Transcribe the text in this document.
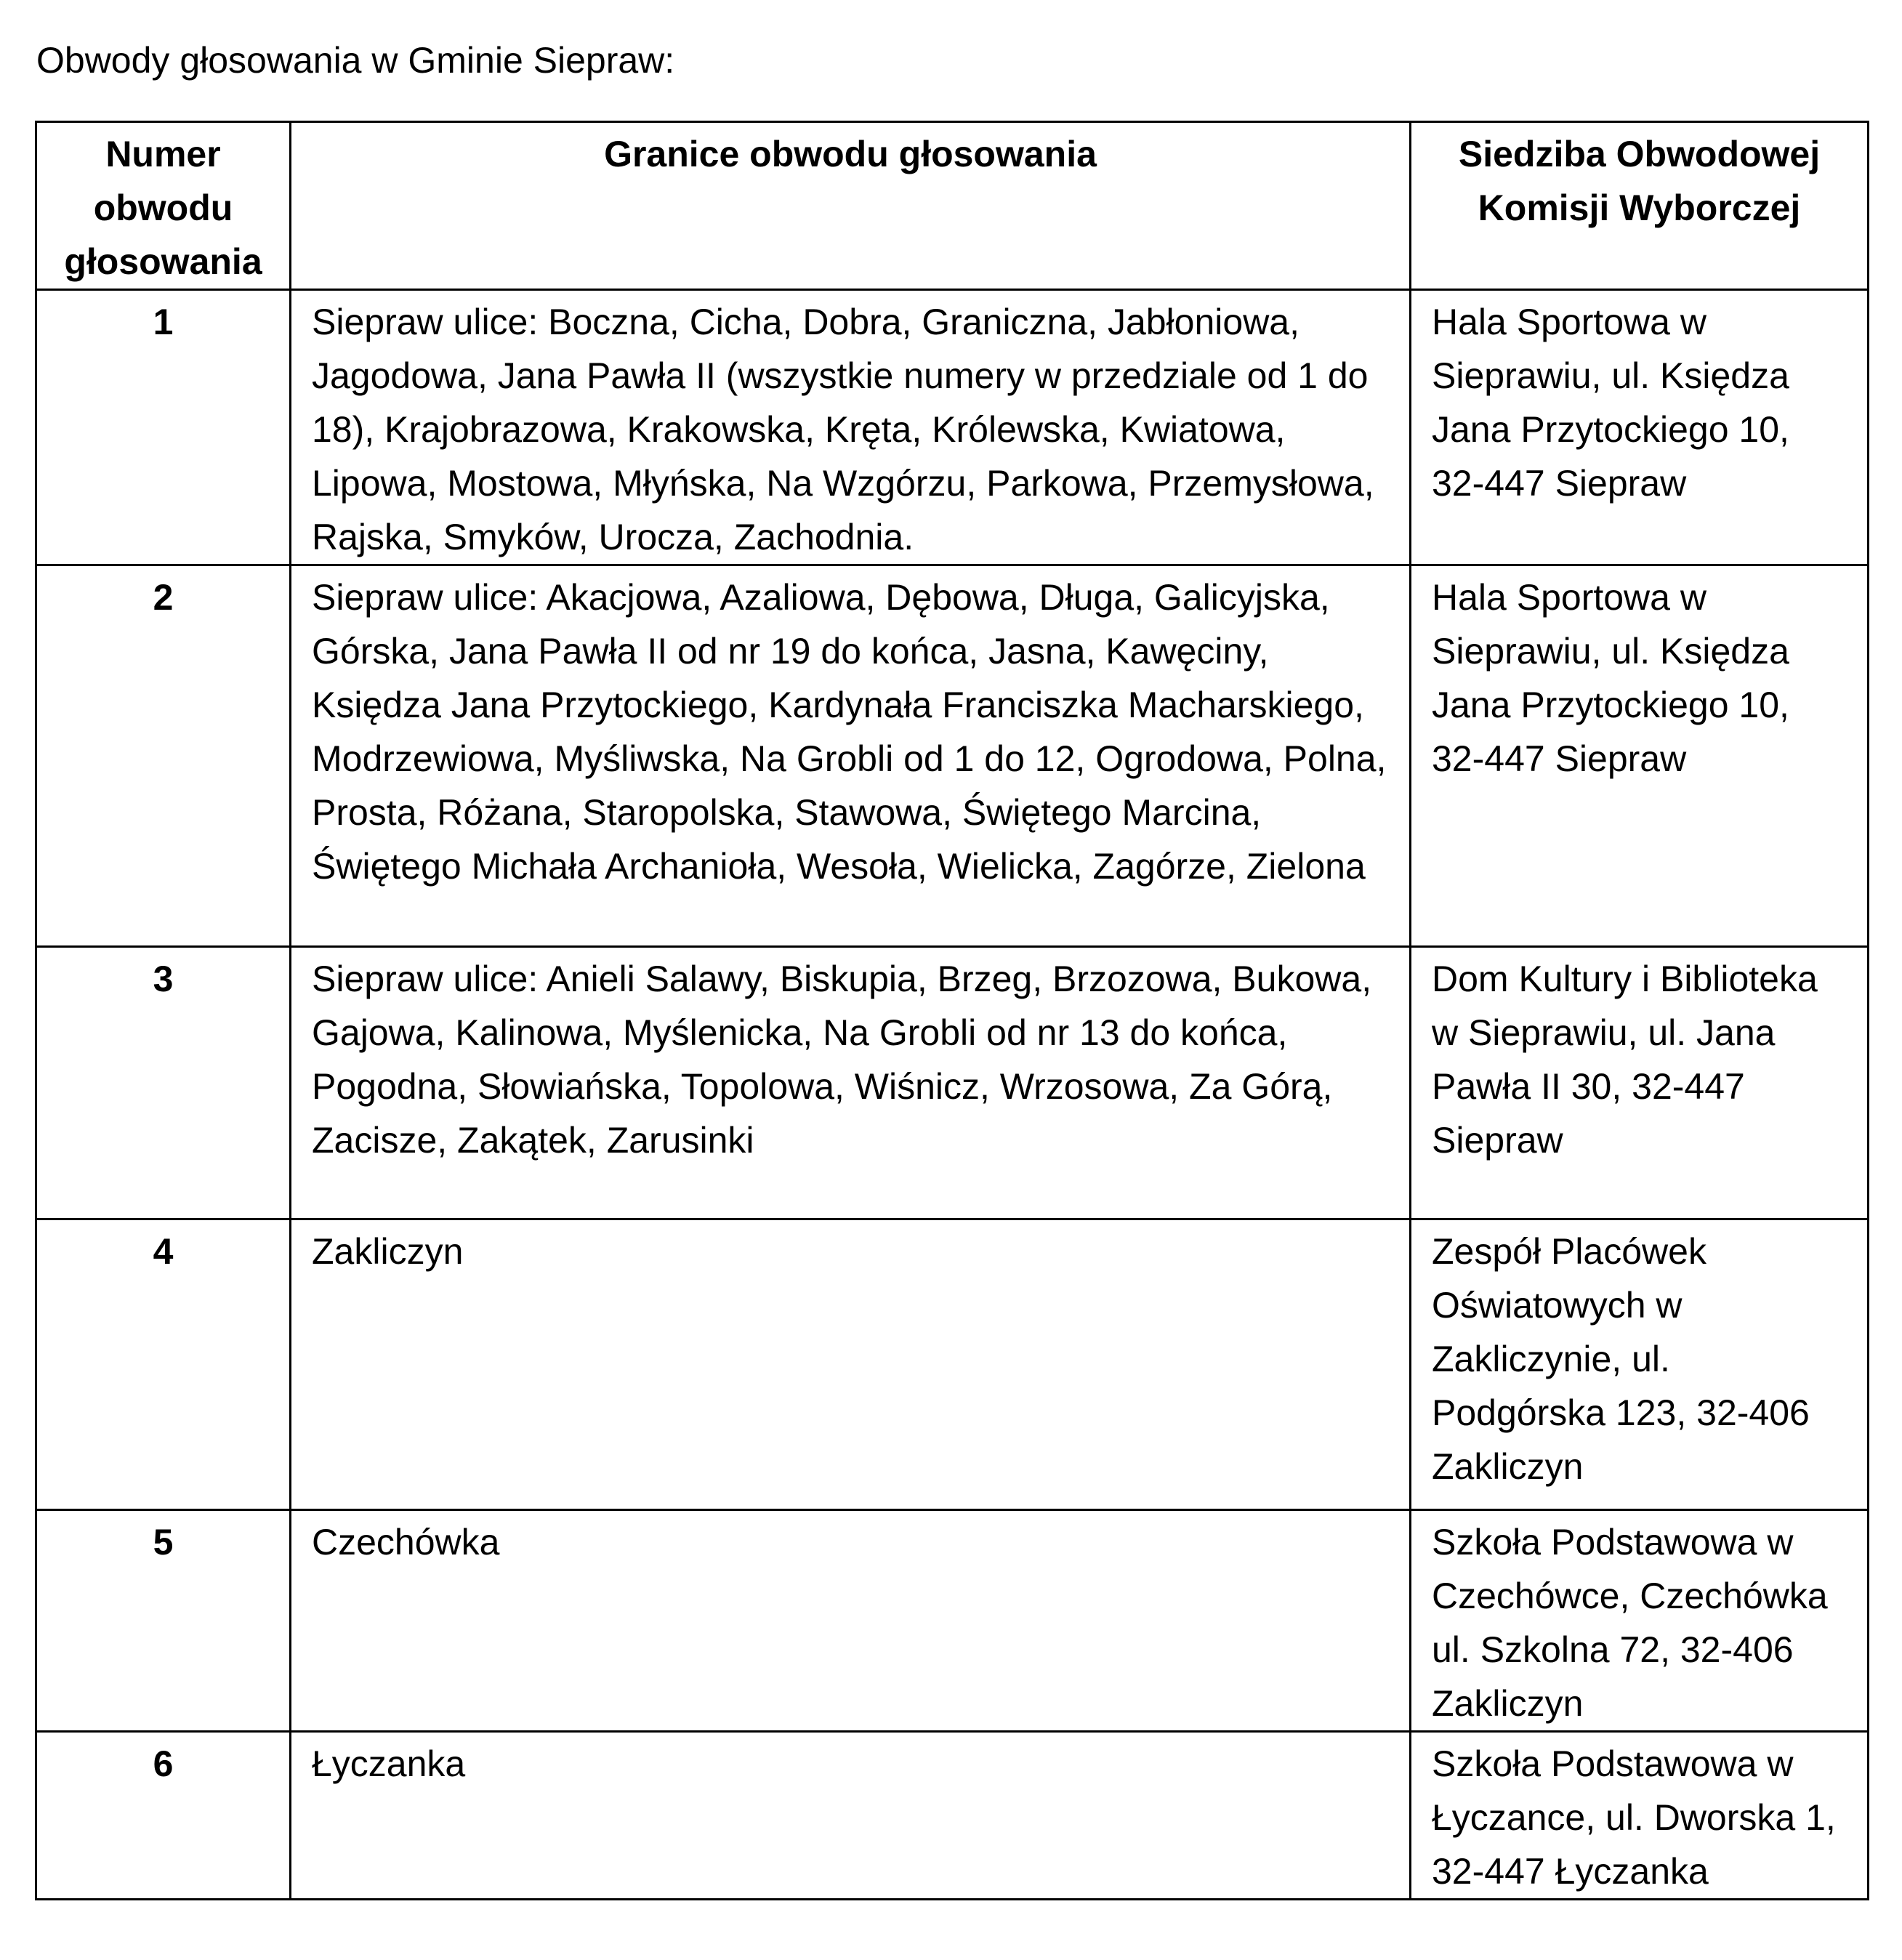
Obwody głosowania w Gminie Siepraw:
Numer obwodu głosowania	Granice obwodu głosowania	Siedziba Obwodowej Komisji Wyborczej
1	Siepraw ulice: Boczna, Cicha, Dobra, Graniczna, Jabłoniowa, Jagodowa, Jana Pawła II (wszystkie numery w przedziale od 1 do 18), Krajobrazowa, Krakowska, Kręta, Królewska, Kwiatowa, Lipowa, Mostowa, Młyńska, Na Wzgórzu, Parkowa, Przemysłowa, Rajska, Smyków, Urocza, Zachodnia.	Hala Sportowa w Sieprawiu, ul. Księdza Jana Przytockiego 10, 32-447 Siepraw
2	Siepraw ulice: Akacjowa, Azaliowa, Dębowa, Długa, Galicyjska, Górska, Jana Pawła II od nr 19 do końca, Jasna, Kawęciny, Księdza Jana Przytockiego, Kardynała Franciszka Macharskiego, Modrzewiowa, Myśliwska, Na Grobli od 1 do 12, Ogrodowa, Polna, Prosta, Różana, Staropolska, Stawowa, Świętego Marcina, Świętego Michała Archanioła, Wesoła, Wielicka, Zagórze, Zielona	Hala Sportowa w Sieprawiu, ul. Księdza Jana Przytockiego 10, 32-447 Siepraw
3	Siepraw ulice: Anieli Salawy, Biskupia, Brzeg, Brzozowa, Bukowa, Gajowa, Kalinowa, Myślenicka, Na Grobli od nr 13 do końca, Pogodna, Słowiańska, Topolowa, Wiśnicz, Wrzosowa, Za Górą, Zacisze, Zakątek, Zarusinki	Dom Kultury i Biblioteka w Sieprawiu, ul. Jana Pawła II 30, 32-447 Siepraw
4	Zakliczyn	Zespół Placówek Oświatowych w Zakliczynie, ul. Podgórska 123, 32-406 Zakliczyn
5	Czechówka	Szkoła Podstawowa w Czechówce, Czechówka ul. Szkolna 72, 32-406 Zakliczyn
6	Łyczanka	Szkoła Podstawowa w Łyczance, ul. Dworska 1, 32-447 Łyczanka
